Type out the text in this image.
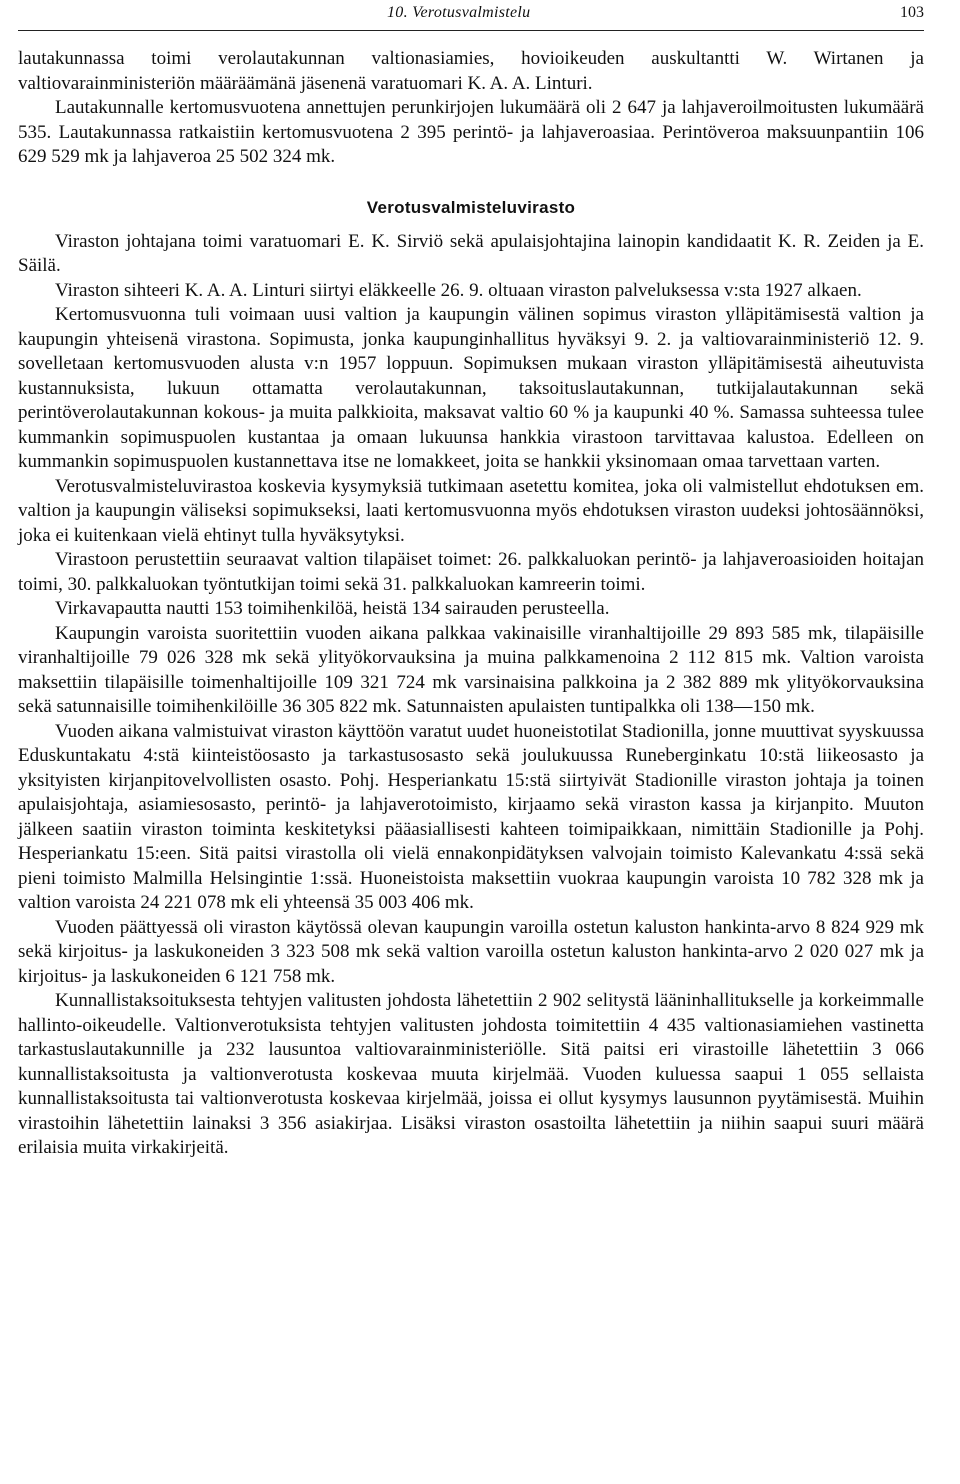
10. Verotusvalmistelu	103

lautakunnassa toimi verolautakunnan valtionasiamies, hovioikeuden auskultantti W. Wirtanen ja valtiovarainministeriön määräämänä jäsenenä varatuomari K. A. A. Linturi.

Lautakunnalle kertomusvuotena annettujen perunkirjojen lukumäärä oli 2 647 ja lahjaveroilmoitusten lukumäärä 535. Lautakunnassa ratkaistiin kertomusvuotena 2 395 perintö- ja lahjaveroasiaa. Perintöveroa maksuunpantiin 106 629 529 mk ja lahjaveroa 25 502 324 mk.

Verotusvalmisteluvirasto

Viraston johtajana toimi varatuomari E. K. Sirviö sekä apulaisjohtajina lainopin kandidaatit K. R. Zeiden ja E. Säilä.

Viraston sihteeri K. A. A. Linturi siirtyi eläkkeelle 26. 9. oltuaan viraston palveluksessa v:sta 1927 alkaen.

Kertomusvuonna tuli voimaan uusi valtion ja kaupungin välinen sopimus viraston ylläpitämisestä valtion ja kaupungin yhteisenä virastona. Sopimusta, jonka kaupunginhallitus hyväksyi 9. 2. ja valtiovarainministeriö 12. 9. sovelletaan kertomusvuoden alusta v:n 1957 loppuun. Sopimuksen mukaan viraston ylläpitämisestä aiheutuvista kustannuksista, lukuun ottamatta verolautakunnan, taksoituslautakunnan, tutkijalautakunnan sekä perintöverolautakunnan kokous- ja muita palkkioita, maksavat valtio 60 % ja kaupunki 40 %. Samassa suhteessa tulee kummankin sopimuspuolen kustantaa ja omaan lukuunsa hankkia virastoon tarvittavaa kalustoa. Edelleen on kummankin sopimuspuolen kustannettava itse ne lomakkeet, joita se hankkii yksinomaan omaa tarvettaan varten.

Verotusvalmisteluvirastoa koskevia kysymyksiä tutkimaan asetettu komitea, joka oli valmistellut ehdotuksen em. valtion ja kaupungin väliseksi sopimukseksi, laati kertomusvuonna myös ehdotuksen viraston uudeksi johtosäännöksi, joka ei kuitenkaan vielä ehtinyt tulla hyväksytyksi.

Virastoon perustettiin seuraavat valtion tilapäiset toimet: 26. palkkaluokan perintö- ja lahjaveroasioiden hoitajan toimi, 30. palkkaluokan työntutkijan toimi sekä 31. palkkaluokan kamreerin toimi.

Virkavapautta nautti 153 toimihenkilöä, heistä 134 sairauden perusteella.

Kaupungin varoista suoritettiin vuoden aikana palkkaa vakinaisille viranhaltijoille 29 893 585 mk, tilapäisille viranhaltijoille 79 026 328 mk sekä ylityökorvauksina ja muina palkkamenoina 2 112 815 mk. Valtion varoista maksettiin tilapäisille toimenhaltijoille 109 321 724 mk varsinaisina palkkoina ja 2 382 889 mk ylityökorvauksina sekä satunnaisille toimihenkilöille 36 305 822 mk. Satunnaisten apulaisten tuntipalkka oli 138—150 mk.

Vuoden aikana valmistuivat viraston käyttöön varatut uudet huoneistotilat Stadionilla, jonne muuttivat syyskuussa Eduskuntakatu 4:stä kiinteistöosasto ja tarkastusosasto sekä joulukuussa Runeberginkatu 10:stä liikeosasto ja yksityisten kirjanpitovelvollisten osasto. Pohj. Hesperiankatu 15:stä siirtyivät Stadionille viraston johtaja ja toinen apulaisjohtaja, asiamiesosasto, perintö- ja lahjaverotoimisto, kirjaamo sekä viraston kassa ja kirjanpito. Muuton jälkeen saatiin viraston toiminta keskitetyksi pääasiallisesti kahteen toimipaikkaan, nimittäin Stadionille ja Pohj. Hesperiankatu 15:een. Sitä paitsi virastolla oli vielä ennakonpidätyksen valvojain toimisto Kalevankatu 4:ssä sekä pieni toimisto Malmilla Helsingintie 1:ssä. Huoneistoista maksettiin vuokraa kaupungin varoista 10 782 328 mk ja valtion varoista 24 221 078 mk eli yhteensä 35 003 406 mk.

Vuoden päättyessä oli viraston käytössä olevan kaupungin varoilla ostetun kaluston hankinta-arvo 8 824 929 mk sekä kirjoitus- ja laskukoneiden 3 323 508 mk sekä valtion varoilla ostetun kaluston hankinta-arvo 2 020 027 mk ja kirjoitus- ja laskukoneiden 6 121 758 mk.

Kunnallistaksoituksesta tehtyjen valitusten johdosta lähetettiin 2 902 selitystä lääninhallitukselle ja korkeimmalle hallinto-oikeudelle. Valtionverotuksista tehtyjen valitusten johdosta toimitettiin 4 435 valtionasiamiehen vastinetta tarkastuslautakunnille ja 232 lausuntoa valtiovarainministeriölle. Sitä paitsi eri virastoille lähetettiin 3 066 kunnallistaksoitusta ja valtionverotusta koskevaa muuta kirjelmää. Vuoden kuluessa saapui 1 055 sellaista kunnallistaksoitusta tai valtionverotusta koskevaa kirjelmää, joissa ei ollut kysymys lausunnon pyytämisestä. Muihin virastoihin lähetettiin lainaksi 3 356 asiakirjaa. Lisäksi viraston osastoilta lähetettiin ja niihin saapui suuri määrä erilaisia muita virkakirjeitä.
